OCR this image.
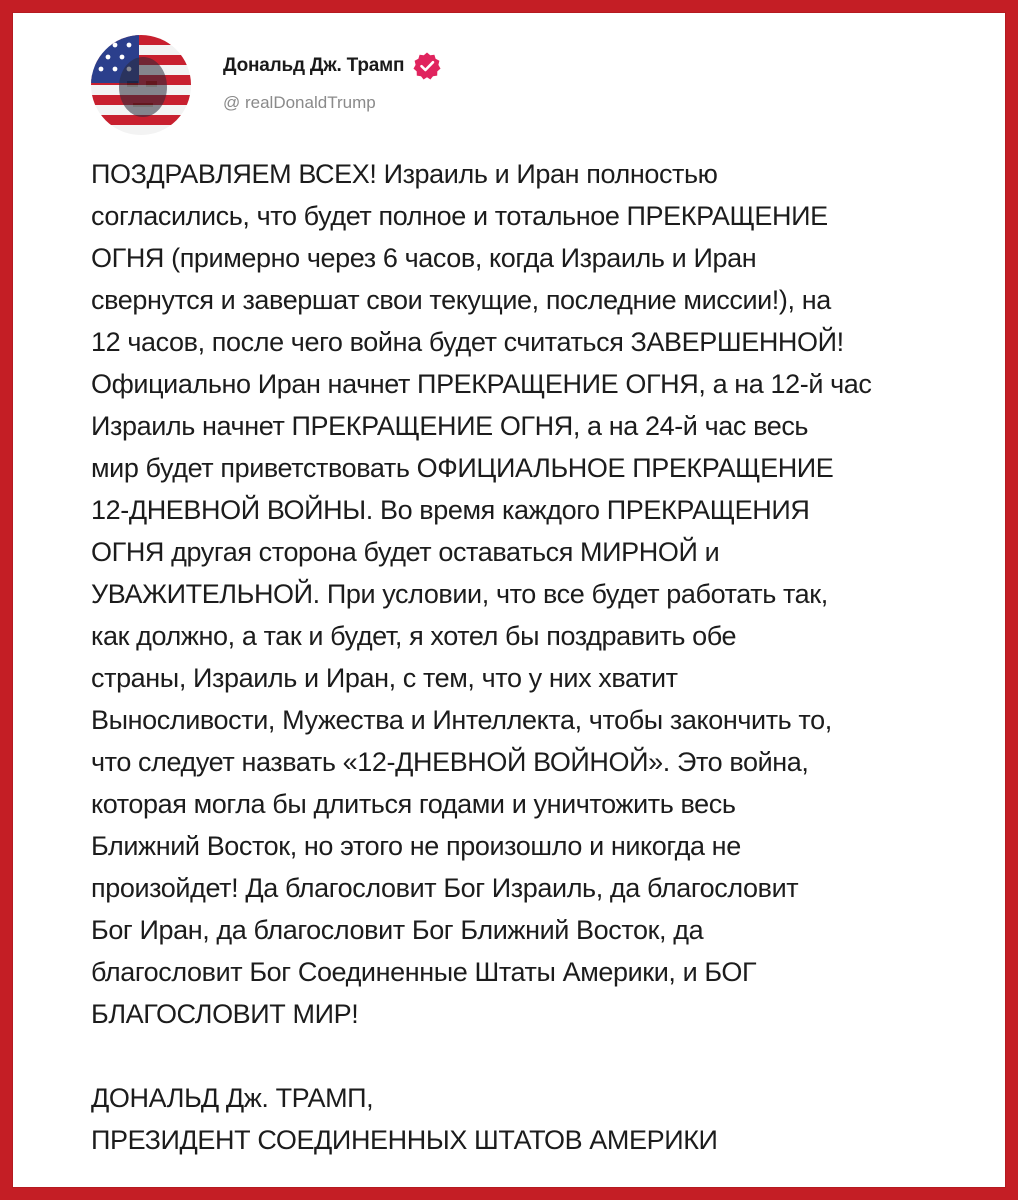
Дональд Дж. Трамп
@ realDonaldTrump

ПОЗДРАВЛЯЕМ ВСЕХ! Израиль и Иран полностью

согласились, что будет полное и тотальное ПРЕКРАЩЕНИЕ

ОГНЯ (примерно через 6 часов, когда Израиль и Иран

свернутся и завершат свои текущие, последние миссии!), на

12 часов, после чего война будет считаться ЗАВЕРШЕННОЙ!

Официально Иран начнет ПРЕКРАЩЕНИЕ ОГНЯ, а на 12-й час

Израиль начнет ПРЕКРАЩЕНИЕ ОГНЯ, а на 24-й час весь

мир будет приветствовать ОФИЦИАЛЬНОЕ ПРЕКРАЩЕНИЕ

12-ДНЕВНОЙ ВОЙНЫ. Во время каждого ПРЕКРАЩЕНИЯ

ОГНЯ другая сторона будет оставаться МИРНОЙ и

УВАЖИТЕЛЬНОЙ. При условии, что все будет работать так,

как должно, а так и будет, я хотел бы поздравить обе

страны, Израиль и Иран, с тем, что у них хватит

Выносливости, Мужества и Интеллекта, чтобы закончить то,

что следует назвать «12-ДНЕВНОЙ ВОЙНОЙ». Это война,

которая могла бы длиться годами и уничтожить весь

Ближний Восток, но этого не произошло и никогда не

произойдет! Да благословит Бог Израиль, да благословит

Бог Иран, да благословит Бог Ближний Восток, да

благословит Бог Соединенные Штаты Америки, и БОГ

БЛАГОСЛОВИТ МИР!

ДОНАЛЬД Дж. ТРАМП,

ПРЕЗИДЕНТ СОЕДИНЕННЫХ ШТАТОВ АМЕРИКИ
